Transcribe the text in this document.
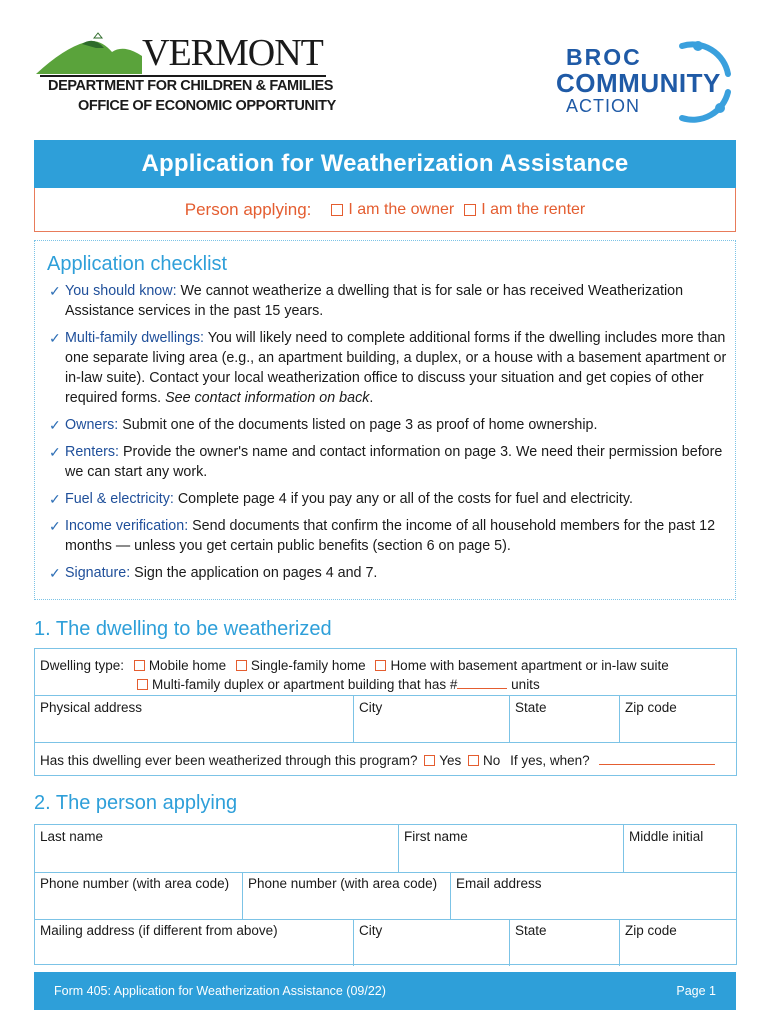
VERMONT
DEPARTMENT FOR CHILDREN & FAMILIES
OFFICE OF ECONOMIC OPPORTUNITY
BROC
COMMUNITY
ACTION
Application for Weatherization Assistance
Person applying: I am the owner I am the renter
Application checklist
✓ You should know: We cannot weatherize a dwelling that is for sale or has received Weatherization Assistance services in the past 15 years.
✓ Multi-family dwellings: You will likely need to complete additional forms if the dwelling includes more than one separate living area (e.g., an apartment building, a duplex, or a house with a basement apartment or in-law suite). Contact your local weatherization office to discuss your situation and get copies of other required forms. See contact information on back.
✓ Owners: Submit one of the documents listed on page 3 as proof of home ownership.
✓ Renters: Provide the owner's name and contact information on page 3. We need their permission before we can start any work.
✓ Fuel & electricity: Complete page 4 if you pay any or all of the costs for fuel and electricity.
✓ Income verification: Send documents that confirm the income of all household members for the past 12 months — unless you get certain public benefits (section 6 on page 5).
✓ Signature: Sign the application on pages 4 and 7.
1. The dwelling to be weatherized
Dwelling type: Mobile home Single-family home Home with basement apartment or in-law suite
Multi-family duplex or apartment building that has #	units
Physical address	City	State	Zip code
Has this dwelling ever been weatherized through this program? Yes No If yes, when?
2. The person applying
Last name	First name	Middle initial
Phone number (with area code) Phone number (with area code) Email address
Mailing address (if different from above)	City	State	Zip code
Form 405: Application for Weatherization Assistance (09/22)	Page 1
